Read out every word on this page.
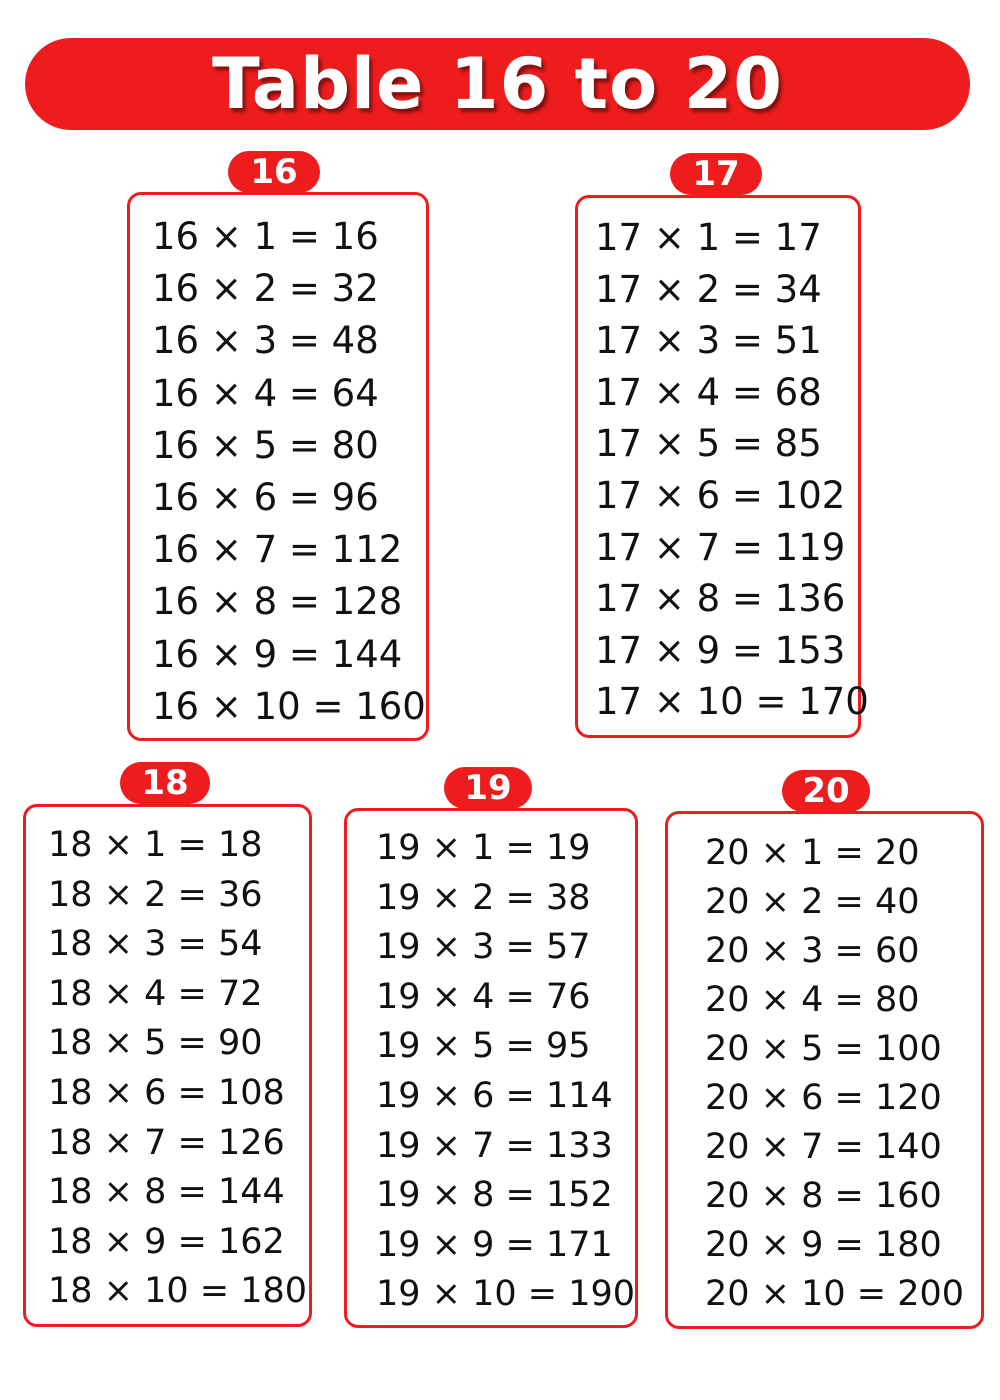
Table 16 to 20
16
16 × 1 = 16
16 × 2 = 32
16 × 3 = 48
16 × 4 = 64
16 × 5 = 80
16 × 6 = 96
16 × 7 = 112
16 × 8 = 128
16 × 9 = 144
16 × 10 = 160
17
17 × 1 = 17
17 × 2 = 34
17 × 3 = 51
17 × 4 = 68
17 × 5 = 85
17 × 6 = 102
17 × 7 = 119
17 × 8 = 136
17 × 9 = 153
17 × 10 = 170
18
18 × 1 = 18
18 × 2 = 36
18 × 3 = 54
18 × 4 = 72
18 × 5 = 90
18 × 6 = 108
18 × 7 = 126
18 × 8 = 144
18 × 9 = 162
18 × 10 = 180
19
19 × 1 = 19
19 × 2 = 38
19 × 3 = 57
19 × 4 = 76
19 × 5 = 95
19 × 6 = 114
19 × 7 = 133
19 × 8 = 152
19 × 9 = 171
19 × 10 = 190
20
20 × 1 = 20
20 × 2 = 40
20 × 3 = 60
20 × 4 = 80
20 × 5 = 100
20 × 6 = 120
20 × 7 = 140
20 × 8 = 160
20 × 9 = 180
20 × 10 = 200
